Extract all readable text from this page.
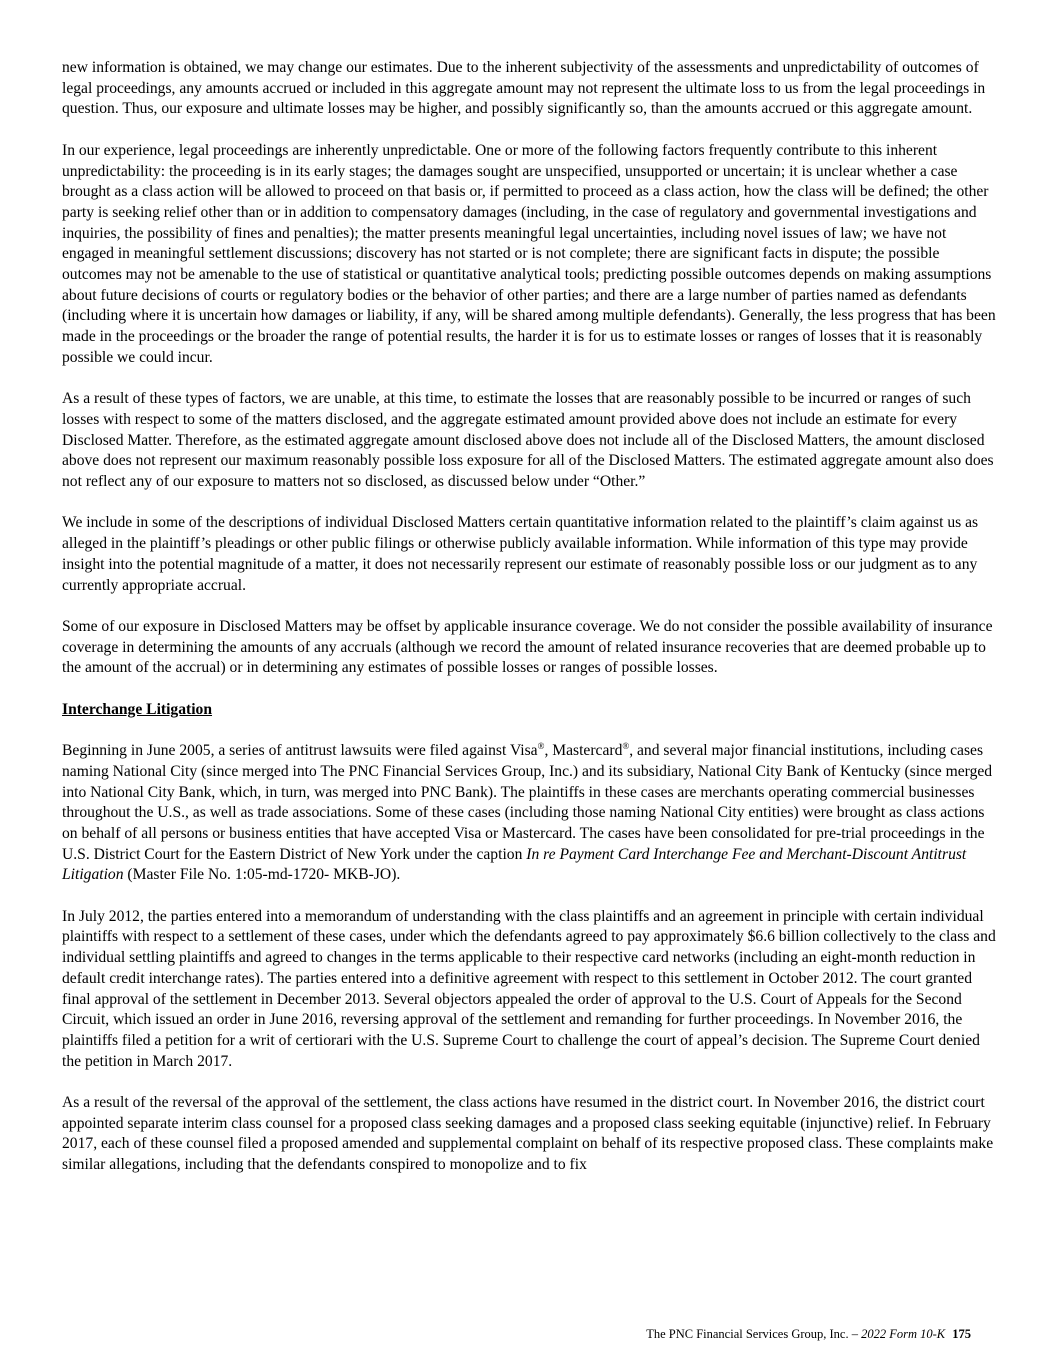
new information is obtained, we may change our estimates. Due to the inherent subjectivity of the assessments and unpredictability of outcomes of legal proceedings, any amounts accrued or included in this aggregate amount may not represent the ultimate loss to us from the legal proceedings in question. Thus, our exposure and ultimate losses may be higher, and possibly significantly so, than the amounts accrued or this aggregate amount.

In our experience, legal proceedings are inherently unpredictable. One or more of the following factors frequently contribute to this inherent unpredictability: the proceeding is in its early stages; the damages sought are unspecified, unsupported or uncertain; it is unclear whether a case brought as a class action will be allowed to proceed on that basis or, if permitted to proceed as a class action, how the class will be defined; the other party is seeking relief other than or in addition to compensatory damages (including, in the case of regulatory and governmental investigations and inquiries, the possibility of fines and penalties); the matter presents meaningful legal uncertainties, including novel issues of law; we have not engaged in meaningful settlement discussions; discovery has not started or is not complete; there are significant facts in dispute; the possible outcomes may not be amenable to the use of statistical or quantitative analytical tools; predicting possible outcomes depends on making assumptions about future decisions of courts or regulatory bodies or the behavior of other parties; and there are a large number of parties named as defendants (including where it is uncertain how damages or liability, if any, will be shared among multiple defendants). Generally, the less progress that has been made in the proceedings or the broader the range of potential results, the harder it is for us to estimate losses or ranges of losses that it is reasonably possible we could incur.

As a result of these types of factors, we are unable, at this time, to estimate the losses that are reasonably possible to be incurred or ranges of such losses with respect to some of the matters disclosed, and the aggregate estimated amount provided above does not include an estimate for every Disclosed Matter. Therefore, as the estimated aggregate amount disclosed above does not include all of the Disclosed Matters, the amount disclosed above does not represent our maximum reasonably possible loss exposure for all of the Disclosed Matters. The estimated aggregate amount also does not reflect any of our exposure to matters not so disclosed, as discussed below under “Other.”

We include in some of the descriptions of individual Disclosed Matters certain quantitative information related to the plaintiff’s claim against us as alleged in the plaintiff’s pleadings or other public filings or otherwise publicly available information. While information of this type may provide insight into the potential magnitude of a matter, it does not necessarily represent our estimate of reasonably possible loss or our judgment as to any currently appropriate accrual.

Some of our exposure in Disclosed Matters may be offset by applicable insurance coverage. We do not consider the possible availability of insurance coverage in determining the amounts of any accruals (although we record the amount of related insurance recoveries that are deemed probable up to the amount of the accrual) or in determining any estimates of possible losses or ranges of possible losses.

Interchange Litigation

Beginning in June 2005, a series of antitrust lawsuits were filed against Visa®, Mastercard®, and several major financial institutions, including cases naming National City (since merged into The PNC Financial Services Group, Inc.) and its subsidiary, National City Bank of Kentucky (since merged into National City Bank, which, in turn, was merged into PNC Bank). The plaintiffs in these cases are merchants operating commercial businesses throughout the U.S., as well as trade associations. Some of these cases (including those naming National City entities) were brought as class actions on behalf of all persons or business entities that have accepted Visa or Mastercard. The cases have been consolidated for pre-trial proceedings in the U.S. District Court for the Eastern District of New York under the caption In re Payment Card Interchange Fee and Merchant-Discount Antitrust Litigation (Master File No. 1:05-md-1720- MKB-JO).

In July 2012, the parties entered into a memorandum of understanding with the class plaintiffs and an agreement in principle with certain individual plaintiffs with respect to a settlement of these cases, under which the defendants agreed to pay approximately $6.6 billion collectively to the class and individual settling plaintiffs and agreed to changes in the terms applicable to their respective card networks (including an eight-month reduction in default credit interchange rates). The parties entered into a definitive agreement with respect to this settlement in October 2012. The court granted final approval of the settlement in December 2013. Several objectors appealed the order of approval to the U.S. Court of Appeals for the Second Circuit, which issued an order in June 2016, reversing approval of the settlement and remanding for further proceedings. In November 2016, the plaintiffs filed a petition for a writ of certiorari with the U.S. Supreme Court to challenge the court of appeal’s decision. The Supreme Court denied the petition in March 2017.

As a result of the reversal of the approval of the settlement, the class actions have resumed in the district court. In November 2016, the district court appointed separate interim class counsel for a proposed class seeking damages and a proposed class seeking equitable (injunctive) relief. In February 2017, each of these counsel filed a proposed amended and supplemental complaint on behalf of its respective proposed class. These complaints make similar allegations, including that the defendants conspired to monopolize and to fix

The PNC Financial Services Group, Inc. – 2022 Form 10-K 175
